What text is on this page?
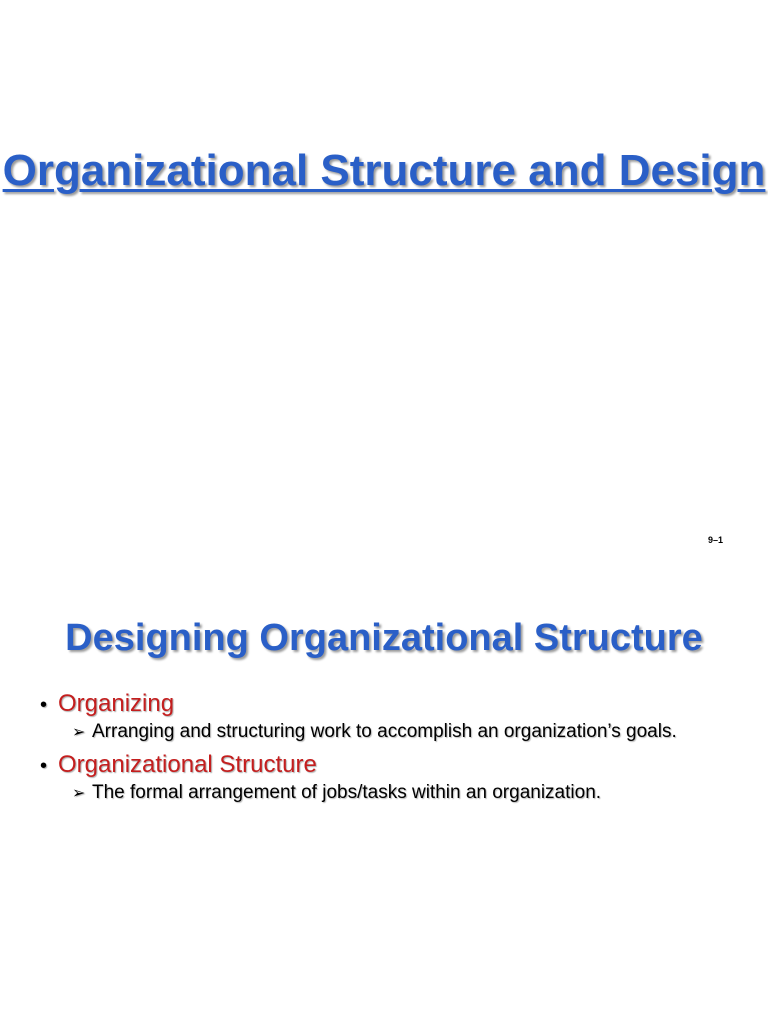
Organizational Structure and Design
9–1
Designing Organizational Structure
• Organizing
➢ Arranging and structuring work to accomplish an organization’s goals.
• Organizational Structure
➢ The formal arrangement of jobs/tasks within an organization.
